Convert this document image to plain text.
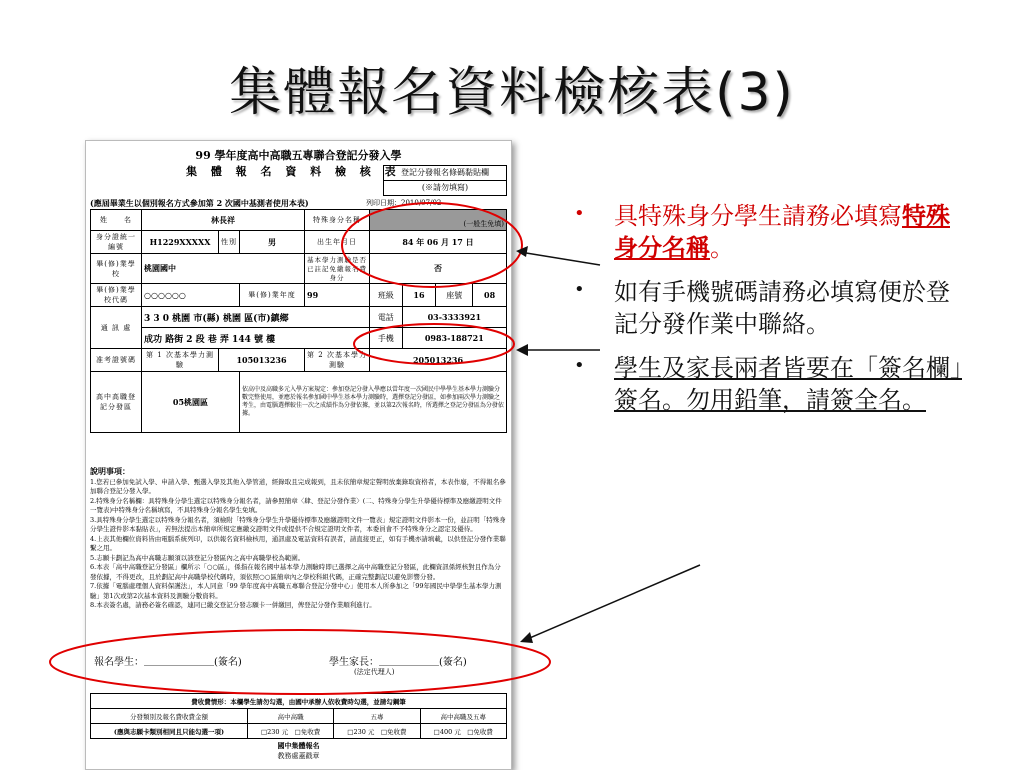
集體報名資料檢核表(3)
99 學年度高中高職五專聯合登記分發入學
集 體 報 名 資 料 檢 核 表 登記分發報名條碼黏貼欄
(※請勿填寫)
(應屆畢業生以個別報名方式參加第 2 次國中基測者使用本表)	列印日期：2010/07/02
姓　　名	林長祥			特殊身分名稱	(一般生免填)			
身分證統一編號	H1229XXXXX	性別	男	出生年月日	84 年 06 月 17 日			
畢(修)業學校	桃園國中			基本學力測驗是否已註記免繳報名費身分	否			
畢(修)業學校代碼	○○○○○○		畢(修)業年度	99	班級	16	座號	08
通 訊 處	3 3 0 桃園 市(縣) 桃園 區(市)鎮鄉				電話	03-3333921		
	成功 路街 2 段 巷 弄 144 號 樓				手機	0983-188721		
准考證號碼	第 1 次基本學力測驗	105013236		第 2 次基本學力測驗	205013236			
高中高職登記分發區	05桃園區		依高中及高職多元入學方案規定：參加登記分發入學應以當年度一次國民中學學生基本學力測驗分數完整使用，並應於報名參加國中學生基本學力測驗時，選擇登記分發區，如參加兩次學力測驗之考生，由電腦選擇較佳一次之成績作為分發依據，並以第2次報名時，所選擇之登記分發區為分發依據。					
說明事項：
1.您若已參加免試入學、申請入學、甄選入學及其他入學管道，經錄取且完成報到，且未依簡章規定聲明放棄錄取資格者，本表作廢，不得報名參加聯合登記分發入學。
2.特殊身分名稱欄：具特殊身分學生選定以特殊身分報名者，請參照簡章〈肆、登記分發作業〉(二、特殊身分學生升學優待標準及應繳證明文件一覽表)中特殊身分名稱填寫，不具特殊身分報名學生免填。
3.具特殊身分學生選定以特殊身分報名者，須檢附「特殊身分學生升學優待標準及應繳證明文件一覽表」規定證明文件影本一份，並註明「特殊身分學生證件影本黏貼表」，若無法提出本簡章所規定應繳交證明文件或提供不合規定證明文件者，本委員會不予特殊身分之認定及優待。
4.上表其他欄位資料皆由電腦系統列印，以供報名資料檢核用，通訊處及電話資料有誤者，請直接更正，如有手機亦請填載，以供登記分發作業聯繫之用。
5.志願卡劃記為高中高職志願須以該登記分發區內之高中高職學校為範圍。
6.本表「高中高職登記分發區」欄所示「○○區」，係指在報名國中基本學力測驗時即已選擇之高中高職登記分發區，此欄資訊係經核對且作為分發依據，不得更改，且於劃記高中高職學校代碼時，須依照○○區簡章內之學校科組代碼，正確完整劃記以避免影響分發。
7.依據「電腦處理個人資料保護法」，本人同意「99 學年度高中高職五專聯合登記分發中心」使用本人所參加之「99年國民中學學生基本學力測驗」第1次或第2次基本資料及測驗分數資料。
8.本表簽名處，請務必簽名確認，連同已繳交登記分發志願卡一併繳回，俾登記分發作業順利進行。
報名學生：＿＿＿＿＿＿＿(簽名)	學生家長：＿＿＿＿＿＿(簽名)
(法定代理人)
費收費情形：本欄學生請勿勾選，由國中承辦人依收費時勾選，並請勾鋼筆			
分發類別及報名費收費金額	高中高職	五專	高中高職及五專
(應與志願卡類別相同且只能勾選一項)	□230 元　□免收費	□230 元　□免收費	□400 元　□免收費
國中集體報名
教務處蓋戳章
• 具特殊身分學生請務必填寫特殊身分名稱。
• 如有手機號碼請務必填寫便於登記分發作業中聯絡。
• 學生及家長兩者皆要在「簽名欄」簽名。勿用鉛筆，請簽全名。
